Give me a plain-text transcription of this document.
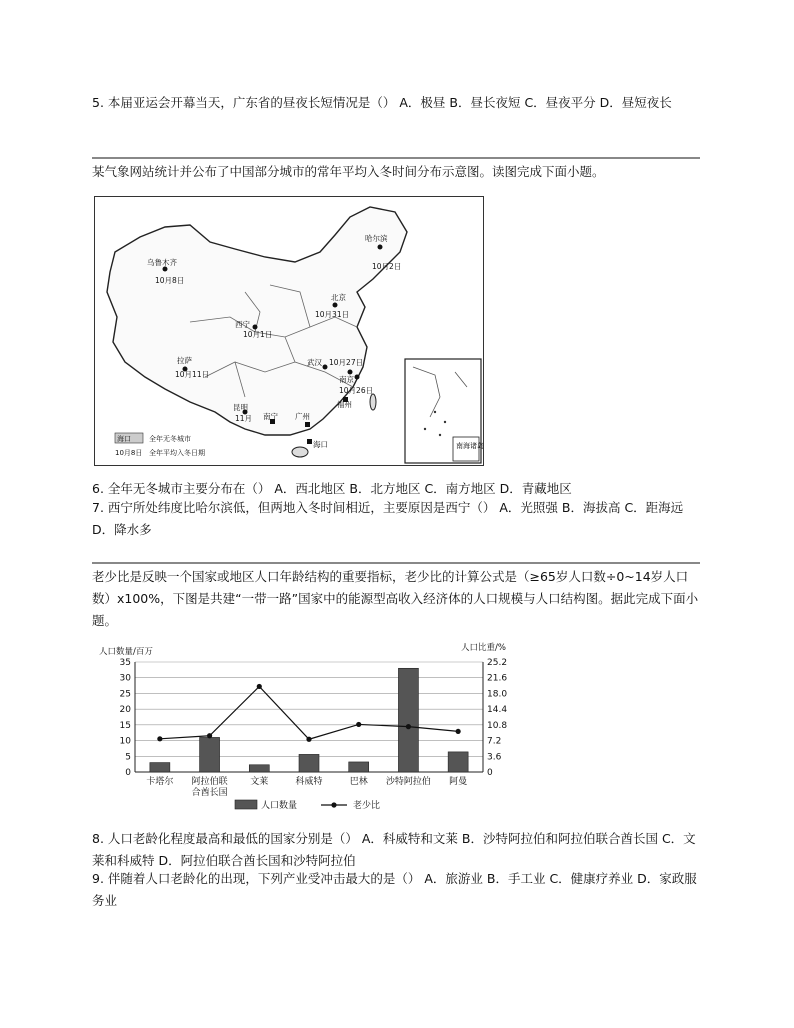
5. 本届亚运会开幕当天，广东省的昼夜长短情况是（） A．极昼 B．昼长夜短 C．昼夜平分 D．昼短夜长
某气象网站统计并公布了中国部分城市的常年平均入冬时间分布示意图。读图完成下面小题。
乌鲁木齐
10月8日
哈尔滨
10月2日
北京
10月31日
西宁
10月1日
拉萨
10月11日
武汉 10月27日
南京
10月26日
昆明
11月
福州
南宁 广州
海口
海口	全年无冬城市
10月8日 全年平均入冬日期
南海诸岛
6. 全年无冬城市主要分布在（） A．西北地区 B．北方地区 C．南方地区 D．青藏地区
7. 西宁所处纬度比哈尔滨低，但两地入冬时间相近，主要原因是西宁（） A．光照强 B．海拔高 C．距海远 D．降水多
老少比是反映一个国家或地区人口年龄结构的重要指标，老少比的计算公式是（≥65岁人口数÷0~14岁人口数）x100%，下图是共建“一带一路”国家中的能源型高收入经济体的人口规模与人口结构图。据此完成下面小题。
人口数量/百万	人口比重/%
0
5
10
15
20
25
30
35
0
3.6
7.2
10.8
14.4
18.0
21.6
25.2
卡塔尔 阿拉伯联
合酋长国
文莱	科威特	巴林 沙特阿拉伯 阿曼
人口数量	老少比
8. 人口老龄化程度最高和最低的国家分别是（） A．科威特和文莱 B．沙特阿拉伯和阿拉伯联合酋长国 C．文莱和科威特 D．阿拉伯联合酋长国和沙特阿拉伯
9. 伴随着人口老龄化的出现，下列产业受冲击最大的是（） A．旅游业 B．手工业 C．健康疗养业 D．家政服务业
